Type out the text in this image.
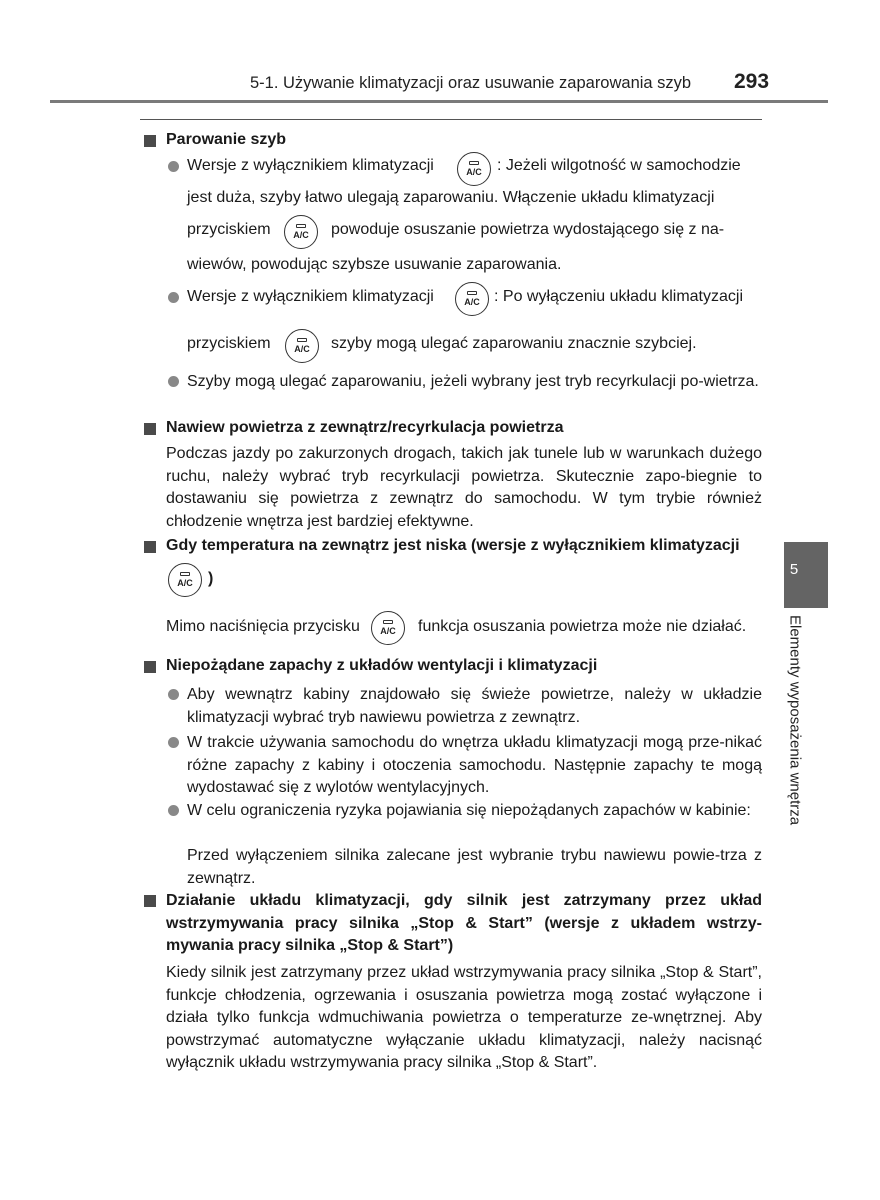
5-1. Używanie klimatyzacji oraz usuwanie zaparowania szyb 293
5
Elementy wyposażenia wnętrza
Parowanie szyb
Wersje z wyłącznikiem klimatyzacji	A/C : Jeżeli wilgotność w samochodzie
jest duża, szyby łatwo ulegają zaparowaniu. Włączenie układu klimatyzacji
przyciskiem	A/C	powoduje osuszanie powietrza wydostającego się z na-
wiewów, powodując szybsze usuwanie zaparowania.
Wersje z wyłącznikiem klimatyzacji	A/C : Po wyłączeniu układu klimatyzacji
przyciskiem	A/C	szyby mogą ulegać zaparowaniu znacznie szybciej.
Szyby mogą ulegać zaparowaniu, jeżeli wybrany jest tryb recyrkulacji po-wietrza.
Nawiew powietrza z zewnątrz/recyrkulacja powietrza
Podczas jazdy po zakurzonych drogach, takich jak tunele lub w warunkach dużego ruchu, należy wybrać tryb recyrkulacji powietrza. Skutecznie zapo-biegnie to dostawaniu się powietrza z zewnątrz do samochodu. W tym trybie również chłodzenie wnętrza jest bardziej efektywne.
Gdy temperatura na zewnątrz jest niska (wersje z wyłącznikiem klimatyzacji
A/C )
Mimo naciśnięcia przycisku	A/C	funkcja osuszania powietrza może nie działać.
Niepożądane zapachy z układów wentylacji i klimatyzacji
Aby wewnątrz kabiny znajdowało się świeże powietrze, należy w układzie klimatyzacji wybrać tryb nawiewu powietrza z zewnątrz.
W trakcie używania samochodu do wnętrza układu klimatyzacji mogą prze-nikać różne zapachy z kabiny i otoczenia samochodu. Następnie zapachy te mogą wydostawać się z wylotów wentylacyjnych.
W celu ograniczenia ryzyka pojawiania się niepożądanych zapachów w kabinie:
Przed wyłączeniem silnika zalecane jest wybranie trybu nawiewu powie-trza z zewnątrz.
Działanie układu klimatyzacji, gdy silnik jest zatrzymany przez układ wstrzymywania pracy silnika „Stop & Start” (wersje z układem wstrzy-mywania pracy silnika „Stop & Start”)
Kiedy silnik jest zatrzymany przez układ wstrzymywania pracy silnika „Stop & Start”, funkcje chłodzenia, ogrzewania i osuszania powietrza mogą zostać wyłączone i działa tylko funkcja wdmuchiwania powietrza o temperaturze ze-wnętrznej. Aby powstrzymać automatyczne wyłączanie układu klimatyzacji, należy nacisnąć wyłącznik układu wstrzymywania pracy silnika „Stop & Start”.
